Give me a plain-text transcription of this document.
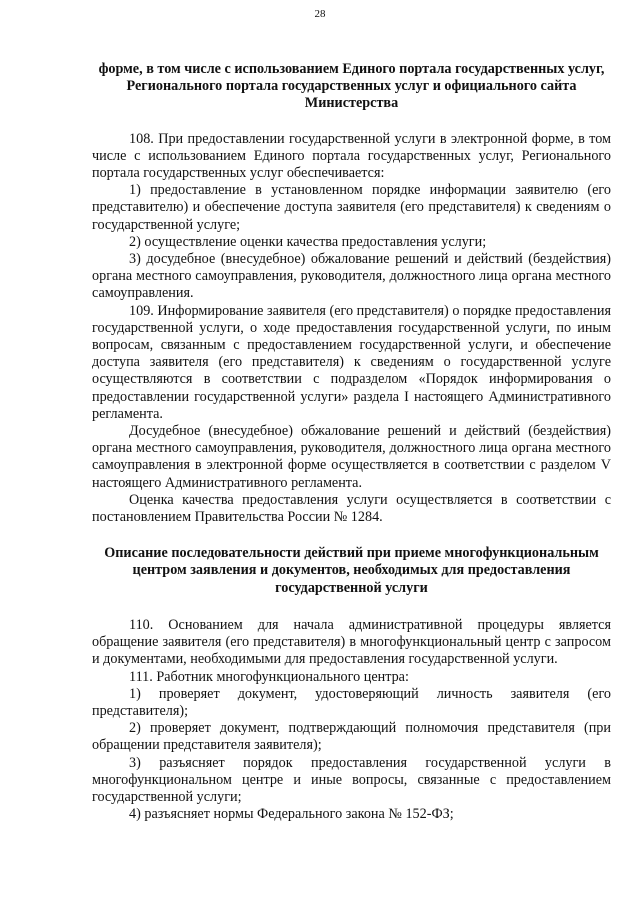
28

форме, в том числе с использованием Единого портала государственных услуг, Регионального портала государственных услуг и официального сайта Министерства

108. При предоставлении государственной услуги в электронной форме, в том числе с использованием Единого портала государственных услуг, Регионального портала государственных услуг обеспечивается:

1) предоставление в установленном порядке информации заявителю (его представителю) и обеспечение доступа заявителя (его представителя) к сведениям о государственной услуге;

2) осуществление оценки качества предоставления услуги;

3) досудебное (внесудебное) обжалование решений и действий (бездействия) органа местного самоуправления, руководителя, должностного лица органа местного самоуправления.

109. Информирование заявителя (его представителя) о порядке предоставления государственной услуги, о ходе предоставления государственной услуги, по иным вопросам, связанным с предоставлением государственной услуги, и обеспечение доступа заявителя (его представителя) к сведениям о государственной услуге осуществляются в соответствии с подразделом «Порядок информирования о предоставлении государственной услуги» раздела I настоящего Административного регламента.

Досудебное (внесудебное) обжалование решений и действий (бездействия) органа местного самоуправления, руководителя, должностного лица органа местного самоуправления в электронной форме осуществляется в соответствии с разделом V настоящего Административного регламента.

Оценка качества предоставления услуги осуществляется в соответствии с постановлением Правительства России № 1284.

Описание последовательности действий при приеме многофункциональным центром заявления и документов, необходимых для предоставления государственной услуги

110. Основанием для начала административной процедуры является обращение заявителя (его представителя) в многофункциональный центр с запросом и документами, необходимыми для предоставления государственной услуги.

111. Работник многофункционального центра:

1) проверяет документ, удостоверяющий личность заявителя (его представителя);

2) проверяет документ, подтверждающий полномочия представителя (при обращении представителя заявителя);

3) разъясняет порядок предоставления государственной услуги в многофункциональном центре и иные вопросы, связанные с предоставлением государственной услуги;

4) разъясняет нормы Федерального закона № 152-ФЗ;
